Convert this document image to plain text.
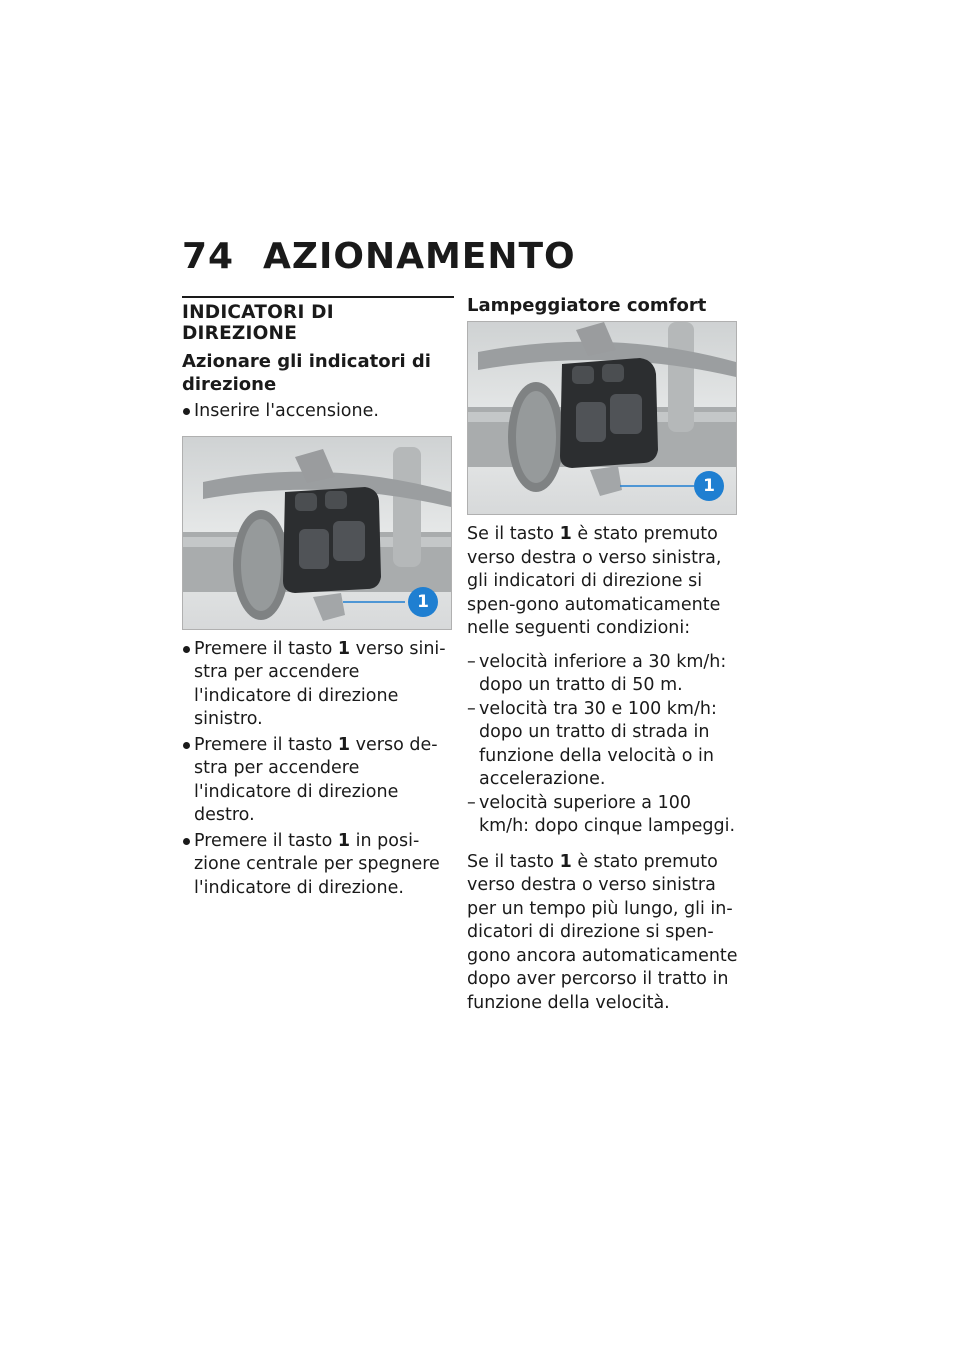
74 AZIONAMENTO
INDICATORI DI DIREZIONE
Azionare gli indicatori di direzione
Inserire l'accensione.
1
Premere il tasto 1 verso sini-stra per accendere l'indicatore di direzione sinistro.
Premere il tasto 1 verso de-stra per accendere l'indicatore di direzione destro.
Premere il tasto 1 in posi-zione centrale per spegnere l'indicatore di direzione.
Lampeggiatore comfort
1
Se il tasto 1 è stato premuto verso destra o verso sinistra, gli indicatori di direzione si spen-gono automaticamente nelle seguenti condizioni:
– velocità inferiore a 30 km/h: dopo un tratto di 50 m.
– velocità tra 30 e 100 km/h: dopo un tratto di strada in funzione della velocità o in accelerazione.
– velocità superiore a 100 km/h: dopo cinque lampeggi.
Se il tasto 1 è stato premuto verso destra o verso sinistra per un tempo più lungo, gli in-dicatori di direzione si spen-gono ancora automaticamente dopo aver percorso il tratto in funzione della velocità.
